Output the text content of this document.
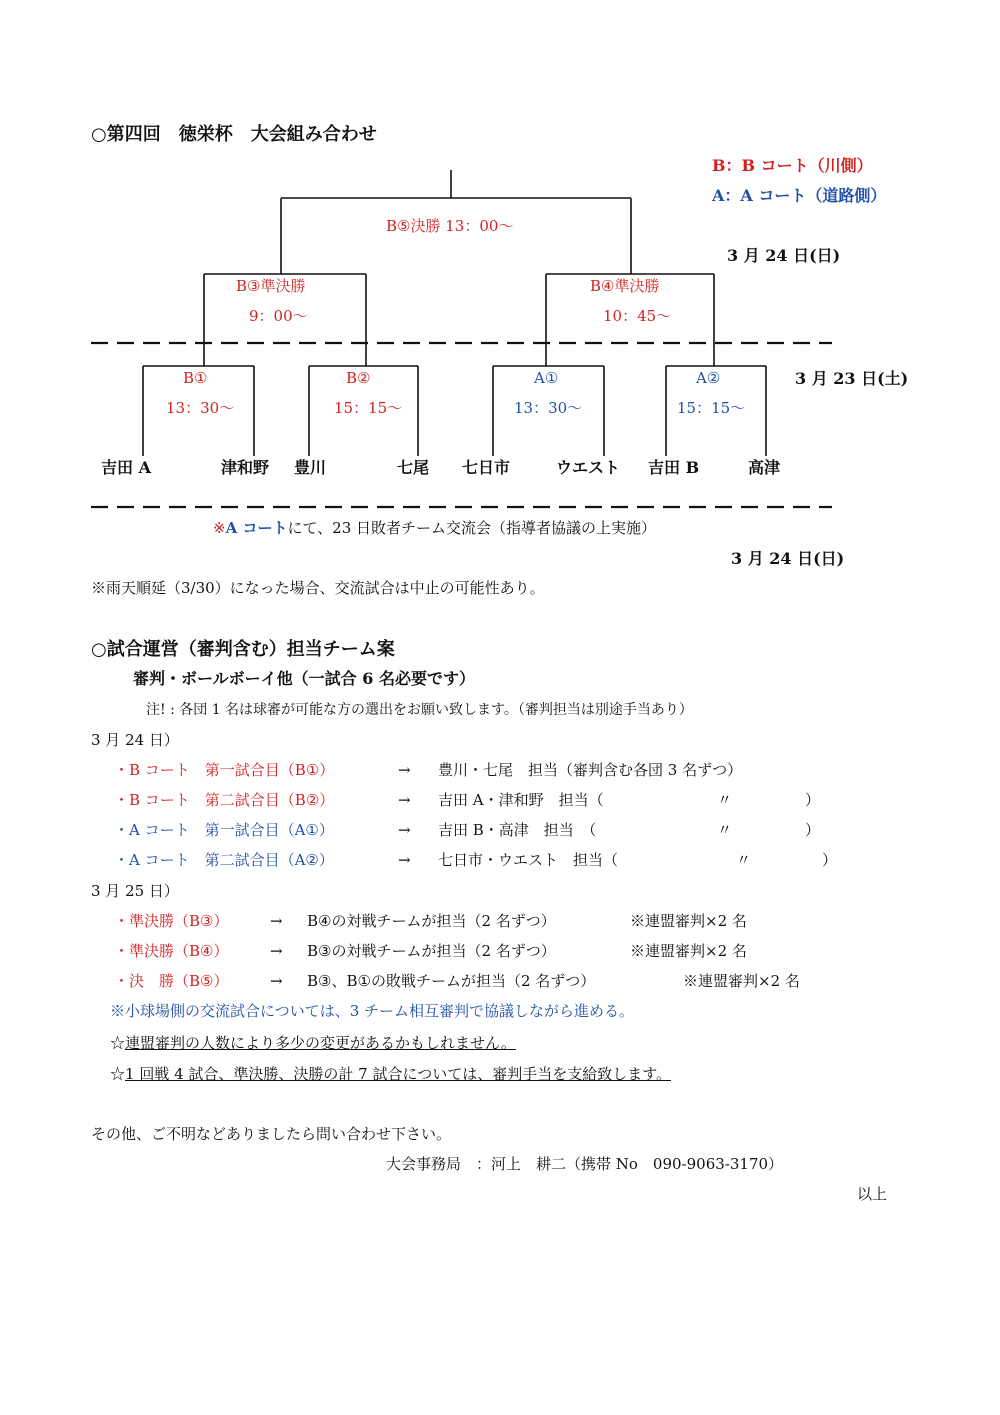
○第四回　徳栄杯　大会組み合わせ
B：B コート（川側）
A：A コート（道路側）
B⑤決勝 13：00～
3 月 24 日(日)
B③準決勝
9：00～
B④準決勝
10：45～
3 月 23 日(土)
B①
13：30～
B②
15：15～
A①
13：30～
A②
15：15～
吉田 A	津和野 豊川	七尾 七日市	ウエスト 吉田 B	高津
※A コートにて、23 日敗者チーム交流会（指導者協議の上実施）
3 月 24 日(日)
※雨天順延（3/30）になった場合、交流試合は中止の可能性あり。
○試合運営（審判含む）担当チーム案
審判・ボールボーイ他（一試合 6 名必要です）
注! : 各団 1 名は球審が可能な方の選出をお願い致します。（審判担当は別途手当あり）
3 月 24 日）
・B コート　第一試合目（B①）	→ 豊川・七尾　担当（審判含む各団 3 名ずつ）
・B コート　第二試合目（B②）	→ 吉田 A・津和野　担当（	〃	）
・A コート　第一試合目（A①）	→ 吉田 B・高津　担当　（	〃	）
・A コート　第二試合目（A②）	→ 七日市・ウエスト　担当（	〃	）
3 月 25 日）
・準決勝（B③）	→ B④の対戦チームが担当（2 名ずつ）	※連盟審判×2 名
・準決勝（B④）	→ B③の対戦チームが担当（2 名ずつ）	※連盟審判×2 名
・決　勝（B⑤）	→ B③、B①の敗戦チームが担当（2 名ずつ）	※連盟審判×2 名
※小球場側の交流試合については、3 チーム相互審判で協議しながら進める。
☆連盟審判の人数により多少の変更があるかもしれません。
☆1 回戦 4 試合、準決勝、決勝の計 7 試合については、審判手当を支給致します。
その他、ご不明などありましたら問い合わせ下さい。
大会事務局　：河上　耕二（携帯 No　090-9063-3170）
以上
